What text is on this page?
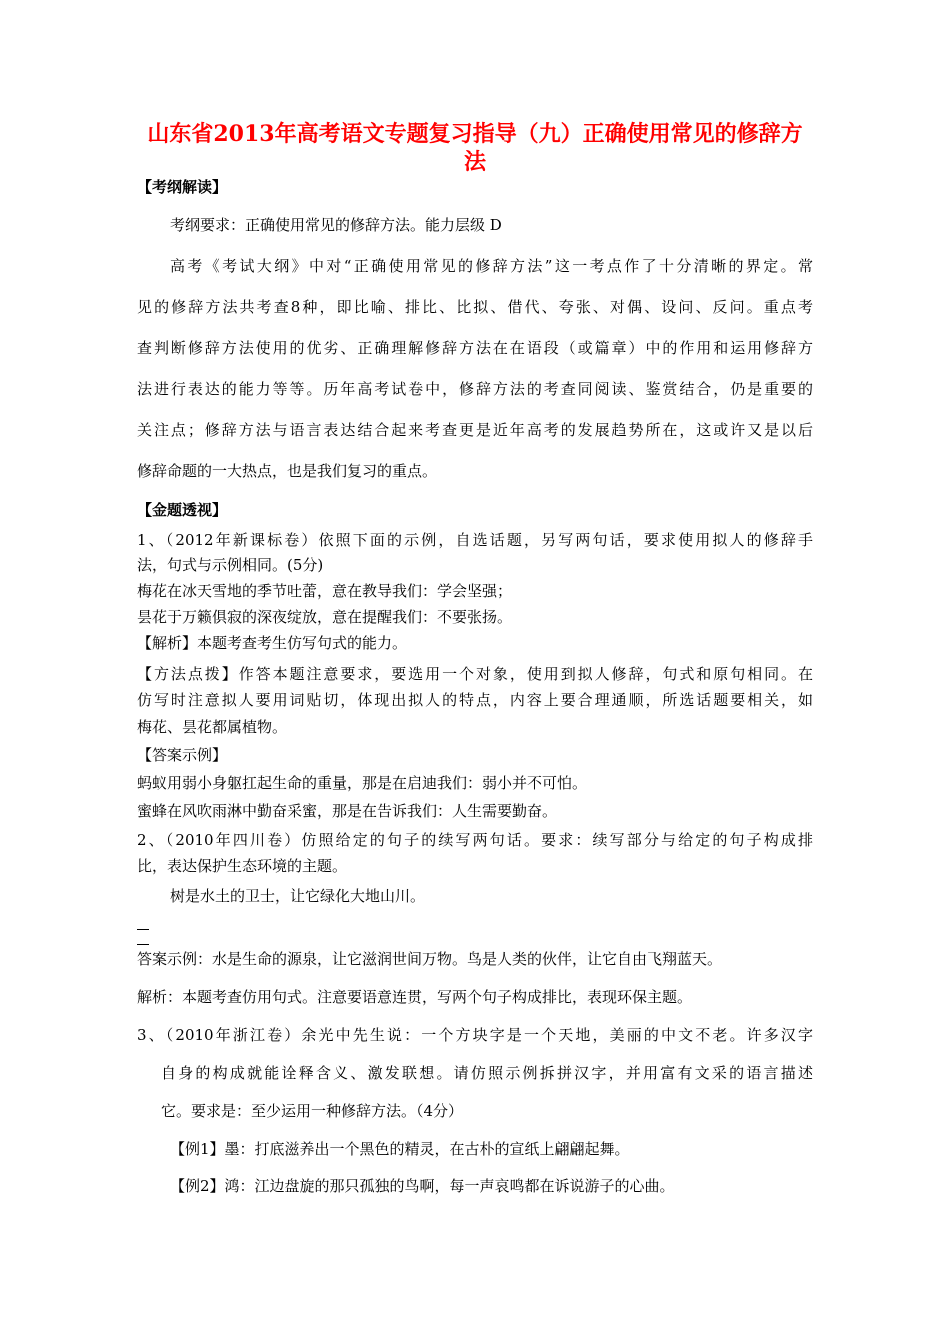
山东省2013年高考语文专题复习指导（九）正确使用常见的修辞方法
【考纲解读】
考纲要求：正确使用常见的修辞方法。能力层级 D
高考《考试大纲》中对“正确使用常见的修辞方法”这一考点作了十分清晰的界定。常
见的修辞方法共考查8种，即比喻、排比、比拟、借代、夸张、对偶、设问、反问。重点考
查判断修辞方法使用的优劣、正确理解修辞方法在在语段（或篇章）中的作用和运用修辞方
法进行表达的能力等等。历年高考试卷中，修辞方法的考查同阅读、鉴赏结合，仍是重要的
关注点；修辞方法与语言表达结合起来考查更是近年高考的发展趋势所在，这或许又是以后
修辞命题的一大热点，也是我们复习的重点。
【金题透视】
1、（2012年新课标卷）依照下面的示例，自选话题，另写两句话，要求使用拟人的修辞手
法，句式与示例相同。(5分)
梅花在冰天雪地的季节吐蕾，意在教导我们：学会坚强；
昙花于万籁俱寂的深夜绽放，意在提醒我们：不要张扬。
【解析】本题考查考生仿写句式的能力。
【方法点拨】作答本题注意要求，要选用一个对象，使用到拟人修辞，句式和原句相同。在
仿写时注意拟人要用词贴切，体现出拟人的特点，内容上要合理通顺，所选话题要相关，如
梅花、昙花都属植物。
【答案示例】
蚂蚁用弱小身躯扛起生命的重量，那是在启迪我们：弱小并不可怕。
蜜蜂在风吹雨淋中勤奋采蜜，那是在告诉我们：人生需要勤奋。
2、（2010年四川卷）仿照给定的句子的续写两句话。要求：续写部分与给定的句子构成排
比，表达保护生态环境的主题。
树是水土的卫士，让它绿化大地山川。
答案示例：水是生命的源泉，让它滋润世间万物。鸟是人类的伙伴，让它自由飞翔蓝天。
解析：本题考查仿用句式。注意要语意连贯，写两个句子构成排比，表现环保主题。
3、（2010年浙江卷）余光中先生说：一个方块字是一个天地，美丽的中文不老。许多汉字
自身的构成就能诠释含义、激发联想。请仿照示例拆拼汉字，并用富有文采的语言描述
它。要求是：至少运用一种修辞方法。（4分）
【例1】墨：打底滋养出一个黑色的精灵，在古朴的宣纸上翩翩起舞。
【例2】鸿：江边盘旋的那只孤独的鸟啊，每一声哀鸣都在诉说游子的心曲。
